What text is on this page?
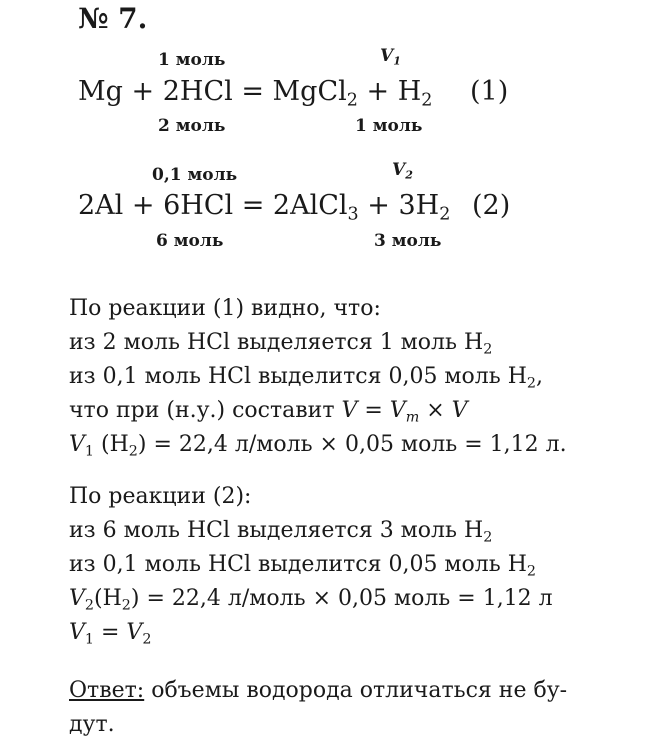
№ 7.
1 моль	$V_1$
Mg + 2HCl = MgCl$_2$ + $H_2$ (1)
2 моль	1 моль
0,1 моль	$V_2$
2Al + 6HCl = 2AlCl$_3$ + $3H_2$ (2)
6 моль	3 моль
По реакции (1) видно, что:
из 2 моль HCl выделяется 1 моль $H_2$
из 0,1 моль HCl выделится 0,05 моль $H_2$,
что при (н.у.) составит $V = V_m \times V$
$V_1$ $(H_2) = 22,4$ л/моль × 0,05 моль = 1,12 л.
По реакции (2):
из 6 моль HCl выделяется 3 моль $H_2$
из 0,1 моль HCl выделится 0,05 моль $H_2$
$V_2(H_2) = 22,4$ л/моль × 0,05 моль = 1,12 л
$V_1 = V_2$
Ответ: объемы водорода отличаться не бу-
дут.
